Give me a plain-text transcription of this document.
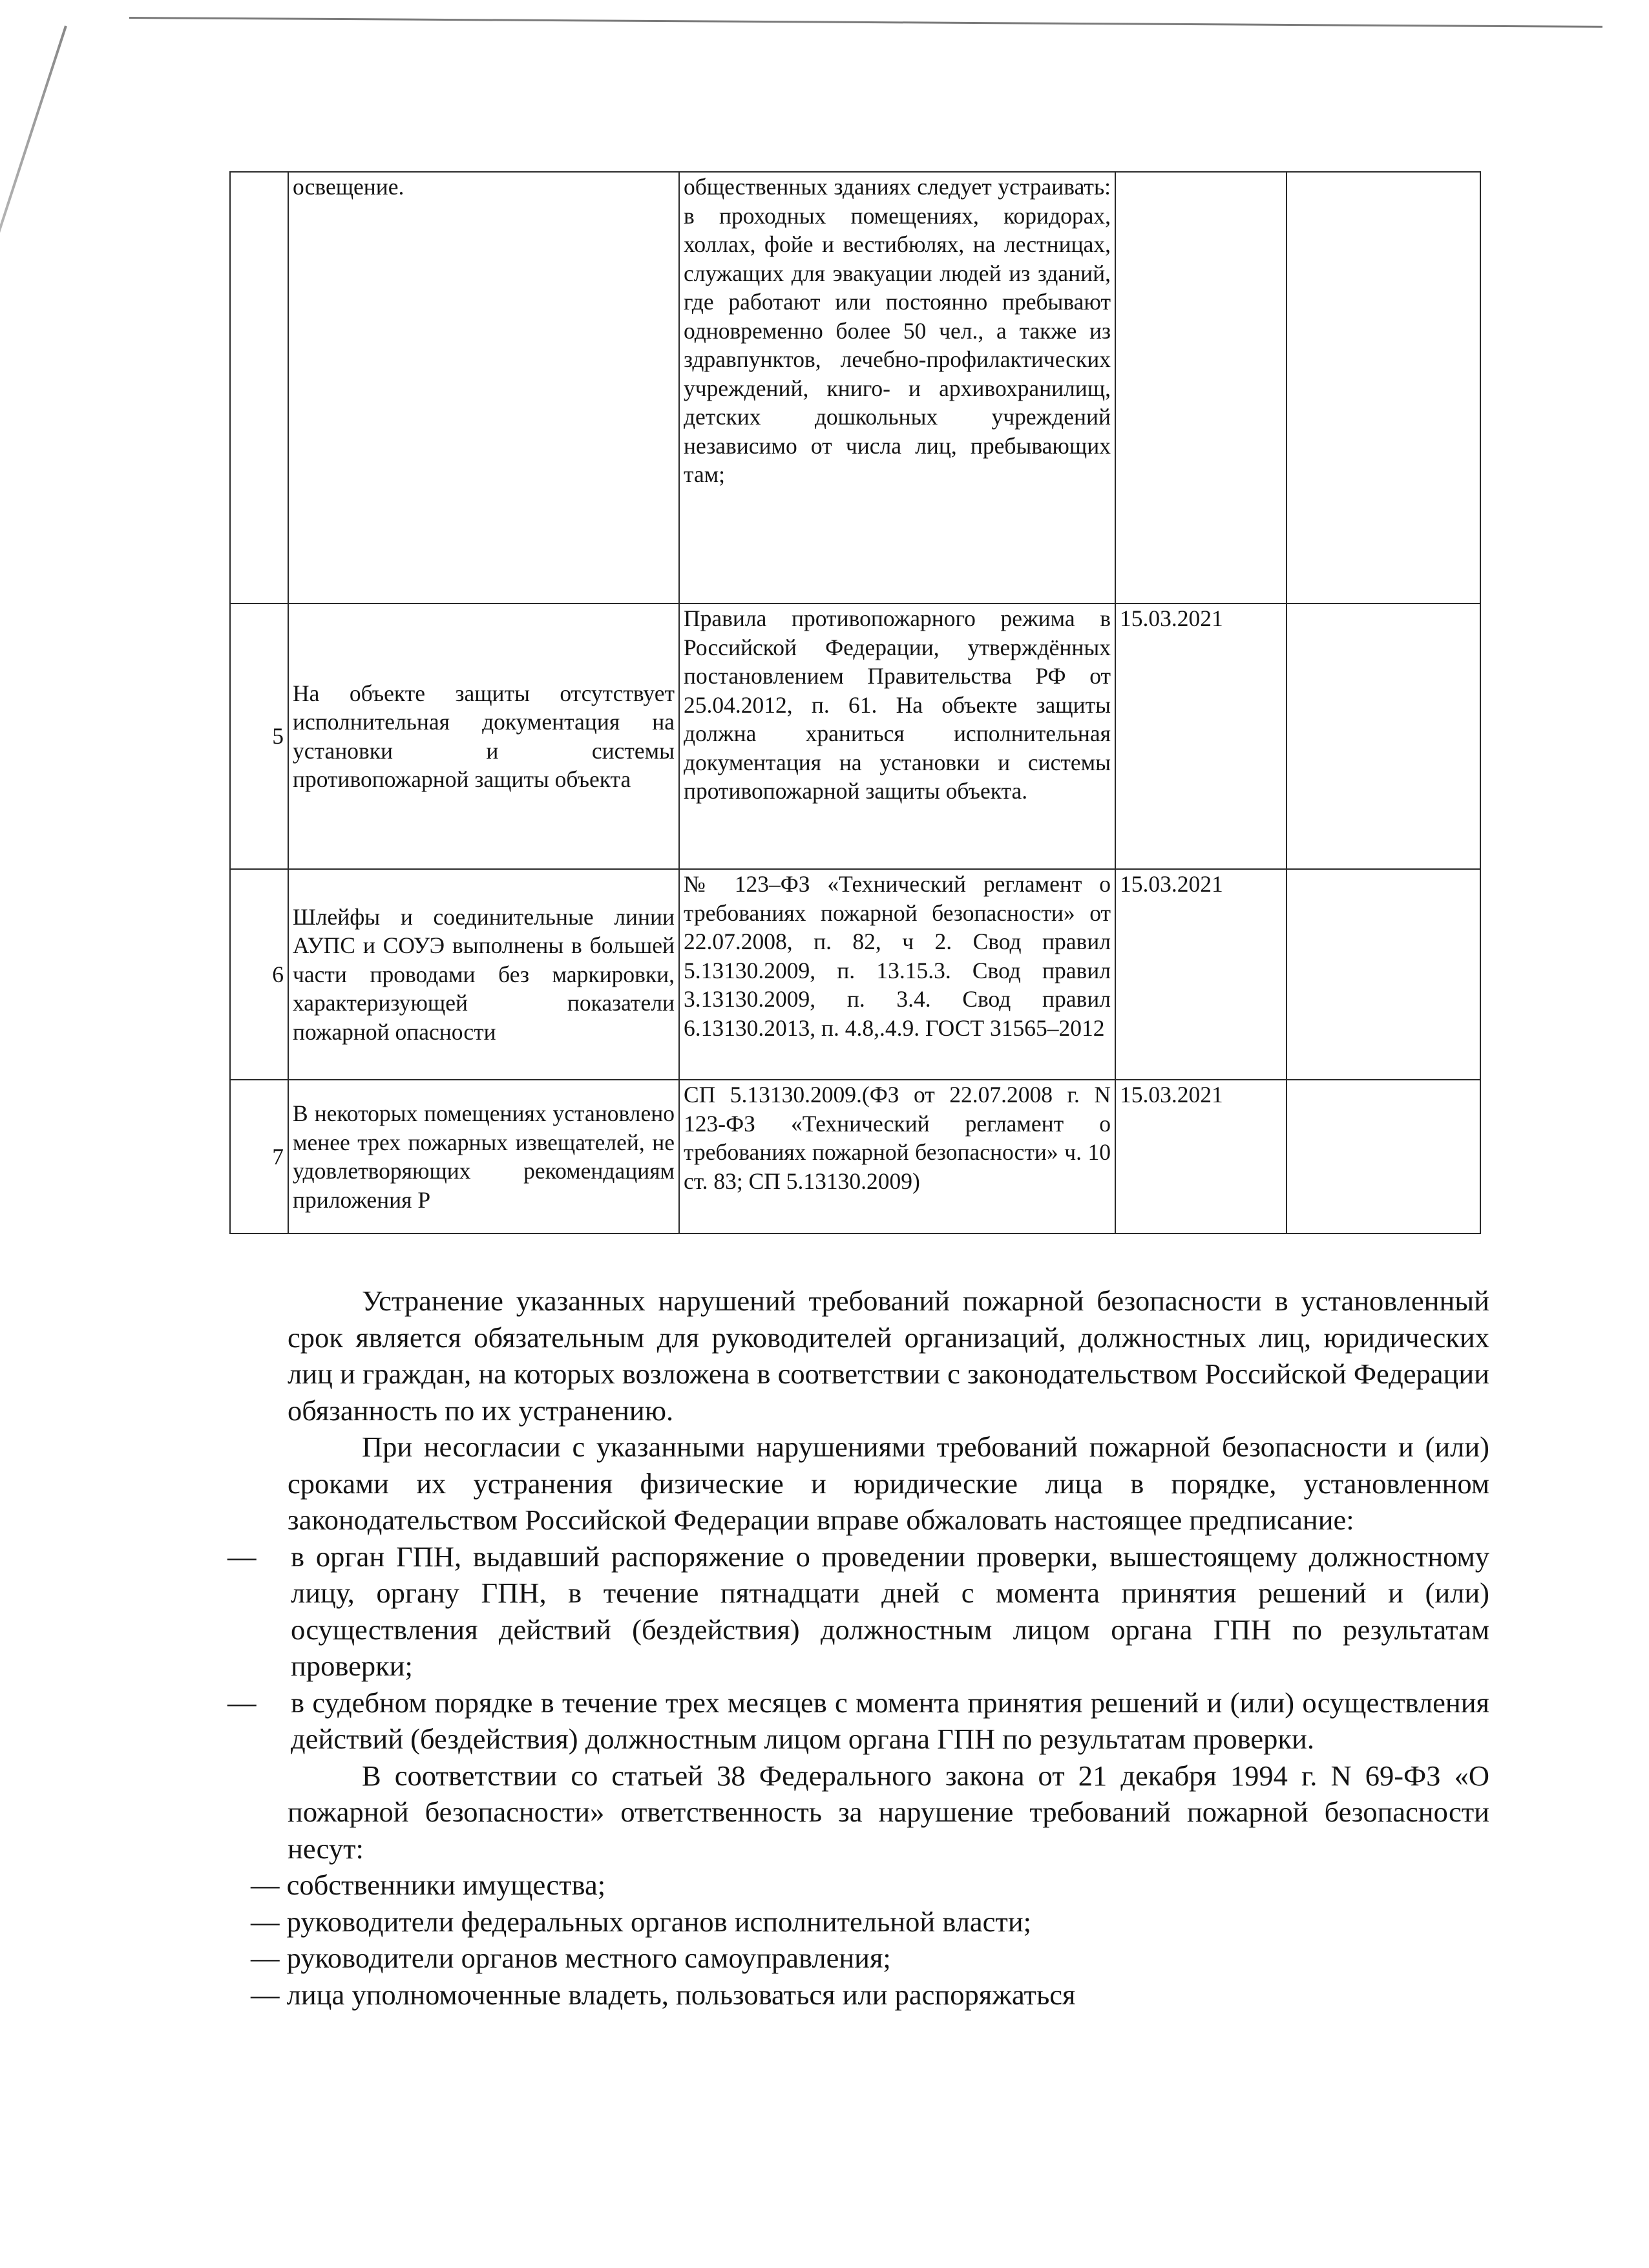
	освещение.	общественных зданиях следует устраивать: в проходных помещениях, коридорах, холлах, фойе и вестибюлях, на лестницах, служащих для эвакуации людей из зданий, где работают или постоянно пребывают одновременно более 50 чел., а также из здравпунктов, лечебно-профилактических учреждений, книго- и архивохранилищ, детских дошкольных учреждений независимо от числа лиц, пребывающих там;		
5	На объекте защиты отсутствует исполнительная документация на установки и системы противопожарной защиты объекта	Правила противопожарного режима в Российской Федерации, утверждённых постановлением Правительства РФ от 25.04.2012, п. 61. На объекте защиты должна храниться исполнительная документация на установки и системы противопожарной защиты объекта.	15.03.2021	
6	Шлейфы и соединительные линии АУПС и СОУЭ выполнены в большей части проводами без маркировки, характеризующей показатели пожарной опасности	№ 123–ФЗ «Технический регламент о требованиях пожарной безопасности» от 22.07.2008, п. 82, ч 2. Свод правил 5.13130.2009, п. 13.15.3. Свод правил 3.13130.2009, п. 3.4. Свод правил 6.13130.2013, п. 4.8,.4.9. ГОСТ 31565–2012	15.03.2021	
7	В некоторых помещениях установлено менее трех пожарных извещателей, не удовлетворяющих рекомендациям приложения Р	СП 5.13130.2009.(ФЗ от 22.07.2008 г. N 123-ФЗ «Технический регламент о требованиях пожарной безопасности» ч. 10 ст. 83; СП 5.13130.2009)	15.03.2021	

Устранение указанных нарушений требований пожарной безопасности в установленный срок является обязательным для руководителей организаций, должностных лиц, юридических лиц и граждан, на которых возложена в соответствии с законодательством Российской Федерации обязанность по их устранению.

При несогласии с указанными нарушениями требований пожарной безопасности и (или) сроками их устранения физические и юридические лица в порядке, установленном законодательством Российской Федерации вправе обжаловать настоящее предписание:

— в орган ГПН, выдавший распоряжение о проведении проверки, вышестоящему должностному лицу, органу ГПН, в течение пятнадцати дней с момента принятия решений и (или) осуществления действий (бездействия) должностным лицом органа ГПН по результатам проверки;

— в судебном порядке в течение трех месяцев с момента принятия решений и (или) осуществления действий (бездействия) должностным лицом органа ГПН по результатам проверки.

В соответствии со статьей 38 Федерального закона от 21 декабря 1994 г. N 69-ФЗ «О пожарной безопасности» ответственность за нарушение требований пожарной безопасности несут:

— собственники имущества;
— руководители федеральных органов исполнительной власти;
— руководители органов местного самоуправления;
— лица уполномоченные владеть, пользоваться или распоряжаться
